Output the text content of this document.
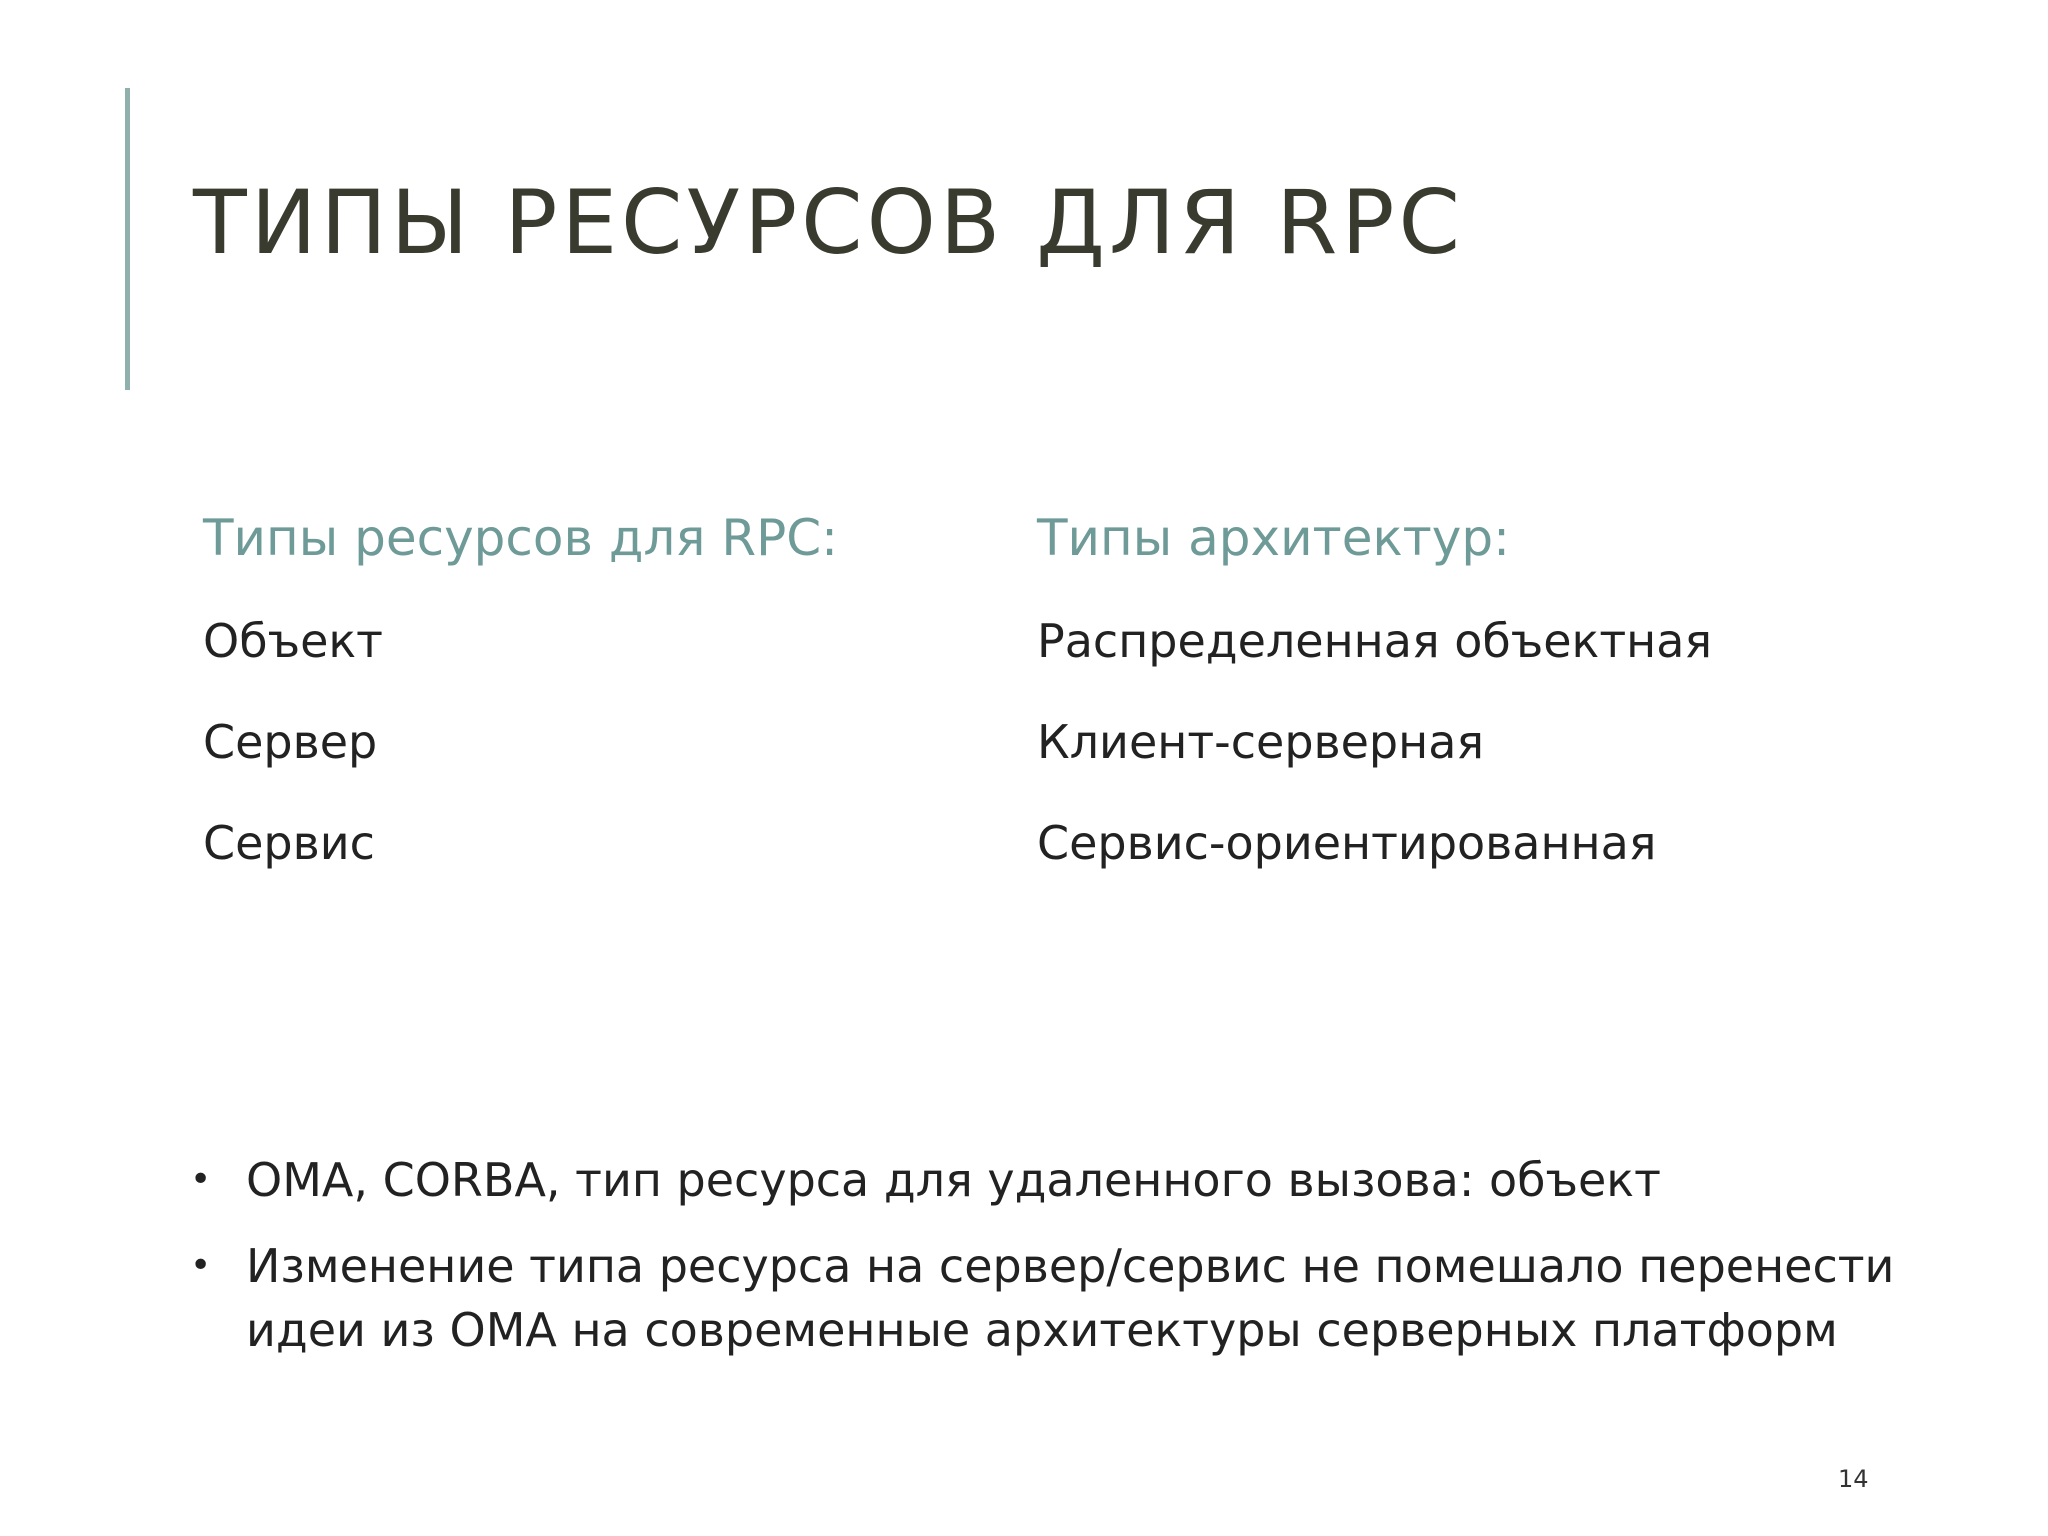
ТИПЫ РЕСУРСОВ ДЛЯ RPC
Типы ресурсов для RPC:
Объект
Сервер
Сервис
Типы архитектур:
Распределенная объектная
Клиент-серверная
Сервис-ориентированная
• OMA, CORBA, тип ресурса для удаленного вызова: объект
• Изменение типа ресурса на сервер/сервис не помешало перенести идеи из OMA на современные архитектуры серверных платформ
14
